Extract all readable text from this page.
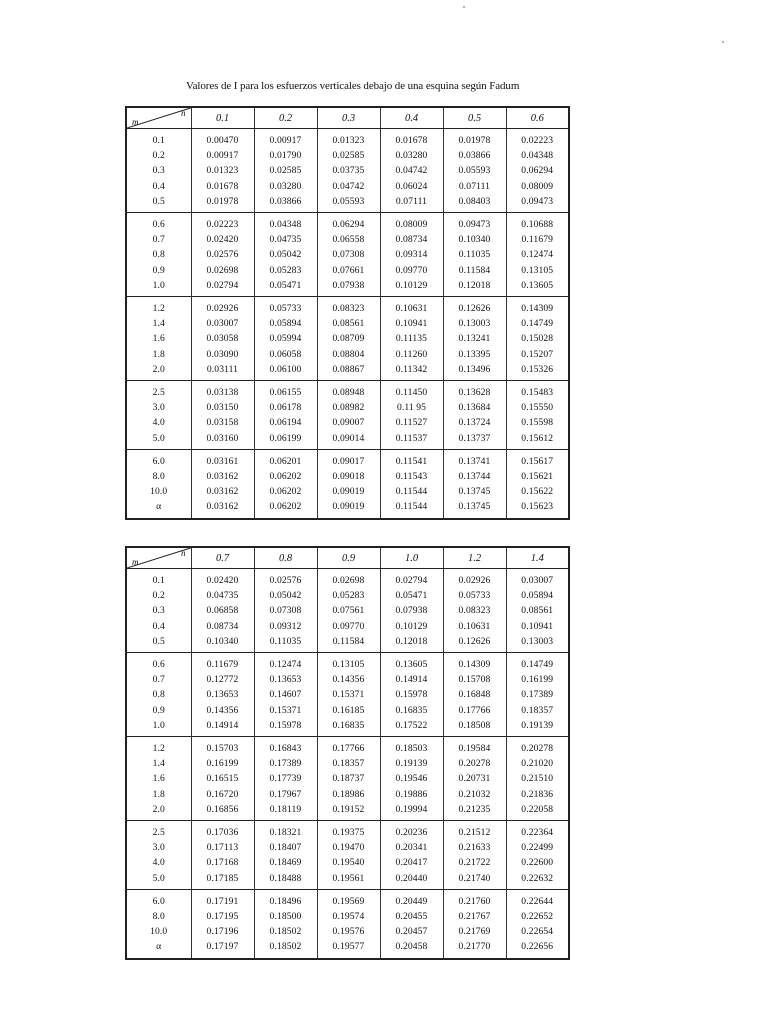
Valores de I para los esfuerzos verticales debajo de una esquina según Fadum
m
n	0.1	0.2	0.3	0.4	0.5	0.6
0.1	0.00470	0.00917	0.01323	0.01678	0.01978	0.02223
0.2	0.00917	0.01790	0.02585	0.03280	0.03866	0.04348
0.3	0.01323	0.02585	0.03735	0.04742	0.05593	0.06294
0.4	0.01678	0.03280	0.04742	0.06024	0.07111	0.08009
0.5	0.01978	0.03866	0.05593	0.07111	0.08403	0.09473
0.6	0.02223	0.04348	0.06294	0.08009	0.09473	0.10688
0.7	0.02420	0.04735	0.06558	0.08734	0.10340	0.11679
0.8	0.02576	0.05042	0.07308	0.09314	0.11035	0.12474
0.9	0.02698	0.05283	0.07661	0.09770	0.11584	0.13105
1.0	0.02794	0.05471	0.07938	0.10129	0.12018	0.13605
1.2	0.02926	0.05733	0.08323	0.10631	0.12626	0.14309
1.4	0.03007	0.05894	0.08561	0.10941	0.13003	0.14749
1.6	0.03058	0.05994	0.08709	0.11135	0.13241	0.15028
1.8	0.03090	0.06058	0.08804	0.11260	0.13395	0.15207
2.0	0.03111	0.06100	0.08867	0.11342	0.13496	0.15326
2.5	0.03138	0.06155	0.08948	0.11450	0.13628	0.15483
3.0	0.03150	0.06178	0.08982	0.11 95	0.13684	0.15550
4.0	0.03158	0.06194	0.09007	0.11527	0.13724	0.15598
5.0	0.03160	0.06199	0.09014	0.11537	0.13737	0.15612
6.0	0.03161	0.06201	0.09017	0.11541	0.13741	0.15617
8.0	0.03162	0.06202	0.09018	0.11543	0.13744	0.15621
10.0	0.03162	0.06202	0.09019	0.11544	0.13745	0.15622
α	0.03162	0.06202	0.09019	0.11544	0.13745	0.15623
m
n	0.7	0.8	0.9	1.0	1.2	1.4
0.1	0.02420	0.02576	0.02698	0.02794	0.02926	0.03007
0.2	0.04735	0.05042	0.05283	0.05471	0.05733	0.05894
0.3	0.06858	0.07308	0.07561	0.07938	0.08323	0.08561
0.4	0.08734	0.09312	0.09770	0.10129	0.10631	0.10941
0.5	0.10340	0.11035	0.11584	0.12018	0.12626	0.13003
0.6	0.11679	0.12474	0.13105	0.13605	0.14309	0.14749
0.7	0.12772	0.13653	0.14356	0.14914	0.15708	0.16199
0.8	0.13653	0.14607	0.15371	0.15978	0.16848	0.17389
0.9	0.14356	0.15371	0.16185	0.16835	0.17766	0.18357
1.0	0.14914	0.15978	0.16835	0.17522	0.18508	0.19139
1.2	0.15703	0.16843	0.17766	0.18503	0.19584	0.20278
1.4	0.16199	0.17389	0.18357	0.19139	0.20278	0.21020
1.6	0.16515	0.17739	0.18737	0.19546	0.20731	0.21510
1.8	0.16720	0.17967	0.18986	0.19886	0.21032	0.21836
2.0	0.16856	0.18119	0.19152	0.19994	0.21235	0.22058
2.5	0.17036	0.18321	0.19375	0.20236	0.21512	0.22364
3.0	0.17113	0.18407	0.19470	0.20341	0.21633	0.22499
4.0	0.17168	0.18469	0.19540	0.20417	0.21722	0.22600
5.0	0.17185	0.18488	0.19561	0.20440	0.21740	0.22632
6.0	0.17191	0.18496	0.19569	0.20449	0.21760	0.22644
8.0	0.17195	0.18500	0.19574	0.20455	0.21767	0.22652
10.0	0.17196	0.18502	0.19576	0.20457	0.21769	0.22654
α	0.17197	0.18502	0.19577	0.20458	0.21770	0.22656
